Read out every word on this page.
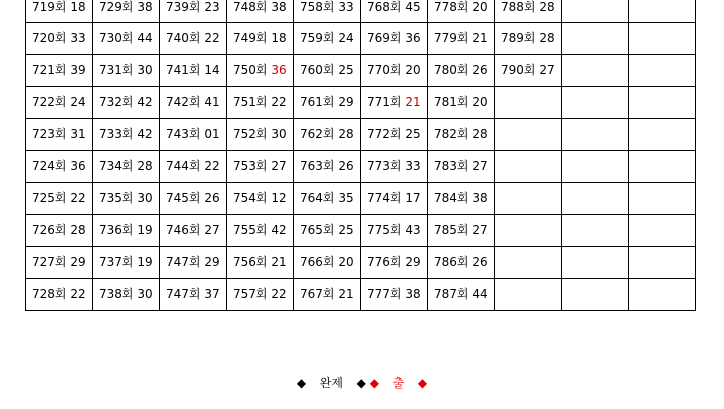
719회 18	729회 38	739회 23	748회 38	758회 33	768회 45	778회 20	788회 28		
720회 33	730회 44	740회 22	749회 18	759회 24	769회 36	779회 21	789회 28		
721회 39	731회 30	741회 14	750회 36	760회 25	770회 20	780회 26	790회 27		
722회 24	732회 42	742회 41	751회 22	761회 29	771회 21	781회 20			
723회 31	733회 42	743회 01	752회 30	762회 28	772회 25	782회 28			
724회 36	734회 28	744회 22	753회 27	763회 26	773회 33	783회 27			
725회 22	735회 30	745회 26	754회 12	764회 35	774회 17	784회 38			
726회 28	736회 19	746회 27	755회 42	765회 25	775회 43	785회 27			
727회 29	737회 19	747회 29	756회 21	766회 20	776회 29	786회 26			
728회 22	738회 30	747회 37	757회 22	767회 21	777회 38	787회 44			
◆ 완제 ◆ ◆ 출 ◆
